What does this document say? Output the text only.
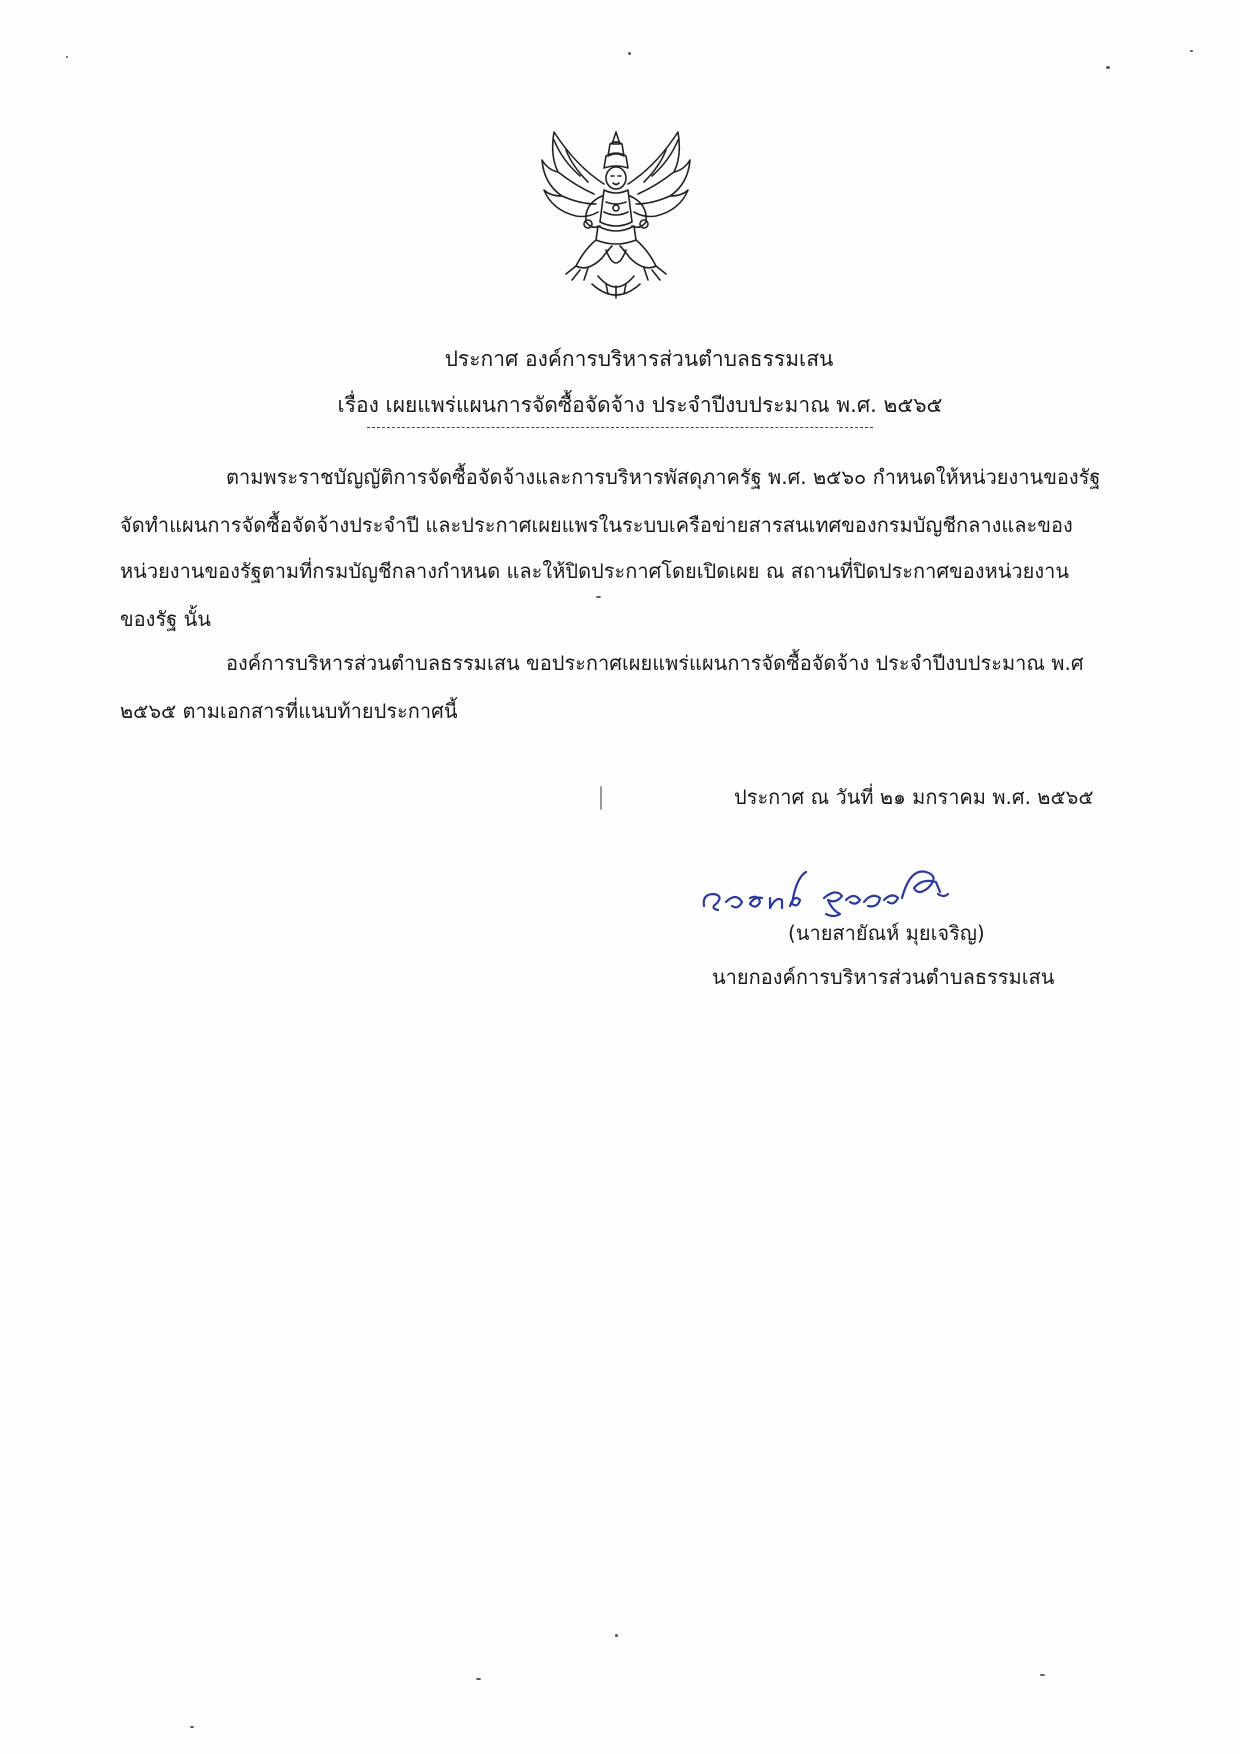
ประกาศ องค์การบริหารส่วนตำบลธรรมเสน
เรื่อง เผยแพร่แผนการจัดซื้อจัดจ้าง ประจำปีงบประมาณ พ.ศ. ๒๕๖๕
ตามพระราชบัญญัติการจัดซื้อจัดจ้างและการบริหารพัสดุภาครัฐ พ.ศ. ๒๕๖๐ กำหนดให้หน่วยงานของรัฐ
จัดทำแผนการจัดซื้อจัดจ้างประจำปี และประกาศเผยแพรในระบบเครือข่ายสารสนเทศของกรมบัญชีกลางและของ
หน่วยงานของรัฐตามที่กรมบัญชีกลางกำหนด และให้ปิดประกาศโดยเปิดเผย ณ สถานที่ปิดประกาศของหน่วยงาน
ของรัฐ นั้น
องค์การบริหารส่วนตำบลธรรมเสน ขอประกาศเผยแพร่แผนการจัดซื้อจัดจ้าง ประจำปีงบประมาณ พ.ศ
๒๕๖๕ ตามเอกสารที่แนบท้ายประกาศนี้
ประกาศ ณ วันที่ ๒๑ มกราคม พ.ศ. ๒๕๖๕
(นายสายัณห์ มุยเจริญ)
นายกองค์การบริหารส่วนตำบลธรรมเสน
